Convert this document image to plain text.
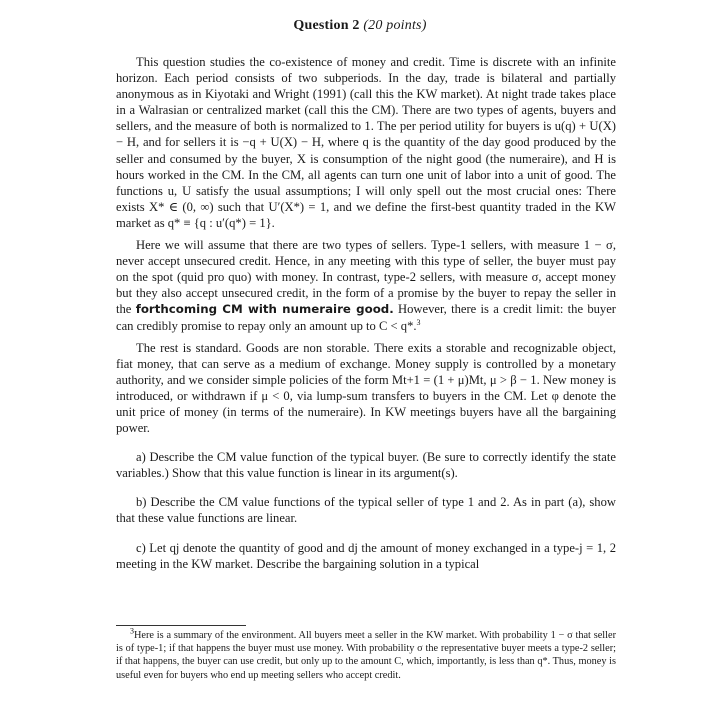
Question 2 (20 points)

This question studies the co-existence of money and credit. Time is discrete with an infinite horizon. Each period consists of two subperiods. In the day, trade is bilateral and partially anonymous as in Kiyotaki and Wright (1991) (call this the KW market). At night trade takes place in a Walrasian or centralized market (call this the CM). There are two types of agents, buyers and sellers, and the measure of both is normalized to 1. The per period utility for buyers is u(q) + U(X) − H, and for sellers it is −q + U(X) − H, where q is the quantity of the day good produced by the seller and consumed by the buyer, X is consumption of the night good (the numeraire), and H is hours worked in the CM. In the CM, all agents can turn one unit of labor into a unit of good. The functions u, U satisfy the usual assumptions; I will only spell out the most crucial ones: There exists X* ∈ (0, ∞) such that U′(X*) = 1, and we define the first-best quantity traded in the KW market as q* ≡ {q : u′(q*) = 1}.

Here we will assume that there are two types of sellers. Type-1 sellers, with measure 1 − σ, never accept unsecured credit. Hence, in any meeting with this type of seller, the buyer must pay on the spot (quid pro quo) with money. In contrast, type-2 sellers, with measure σ, accept money but they also accept unsecured credit, in the form of a promise by the buyer to repay the seller in the forthcoming CM with numeraire good. However, there is a credit limit: the buyer can credibly promise to repay only an amount up to C < q*.$^3$

The rest is standard. Goods are non storable. There exits a storable and recognizable object, fiat money, that can serve as a medium of exchange. Money supply is controlled by a monetary authority, and we consider simple policies of the form Mt+1 = (1 + μ)Mt, μ > β − 1. New money is introduced, or withdrawn if μ < 0, via lump-sum transfers to buyers in the CM. Let φ denote the unit price of money (in terms of the numeraire). In KW meetings buyers have all the bargaining power.

a) Describe the CM value function of the typical buyer. (Be sure to correctly identify the state variables.) Show that this value function is linear in its argument(s).

b) Describe the CM value functions of the typical seller of type 1 and 2. As in part (a), show that these value functions are linear.

c) Let qj denote the quantity of good and dj the amount of money exchanged in a type-j = 1, 2 meeting in the KW market. Describe the bargaining solution in a typical

$^3$Here is a summary of the environment. All buyers meet a seller in the KW market. With probability 1 − σ that seller is of type-1; if that happens the buyer must use money. With probability σ the representative buyer meets a type-2 seller; if that happens, the buyer can use credit, but only up to the amount C, which, importantly, is less than q*. Thus, money is useful even for buyers who end up meeting sellers who accept credit.
